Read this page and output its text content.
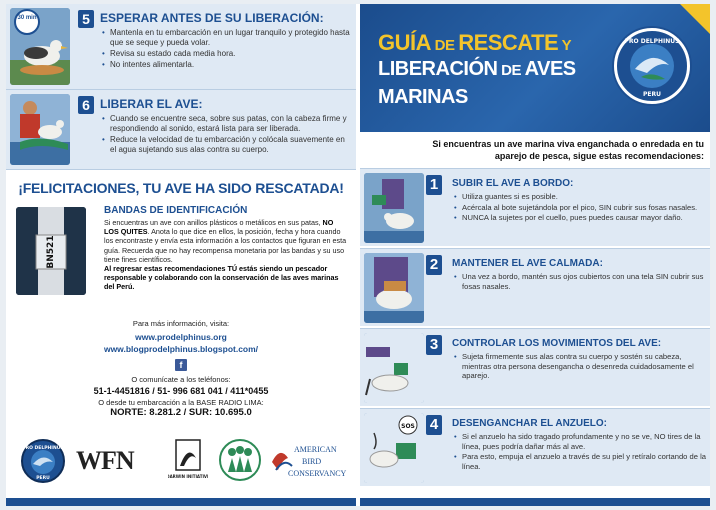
30 min	5 ESPERAR ANTES DE SU LIBERACIÓN:
• Mantenla en tu embarcación en un lugar tranquilo y protegido hasta que se seque y pueda volar.
• Revisa su estado cada media hora.
• No intentes alimentarla.
6 LIBERAR EL AVE:
• Cuando se encuentre seca, sobre sus patas, con la cabeza firme y respondiendo al sonido, estará lista para ser liberada.
• Reduce la velocidad de tu embarcación y colócala suavemente en el agua sujetando sus alas contra su cuerpo.
¡FELICITACIONES, TU AVE HA SIDO RESCATADA!
BN521
BANDAS DE IDENTIFICACIÓN
Si encuentras un ave con anillos plásticos o metálicos en sus patas, NO LOS QUITES. Anota lo que dice en ellos, la posición, fecha y hora cuando los encontraste y envía esta información a los contactos que figuran en esta guía. Recuerda que no hay recompensa monetaria por las bandas y su uso tiene fines científicos.
Al regresar estas recomendaciones TÚ estás siendo un pescador responsable y colaborando con la conservación de las aves marinas del Perú.
Para más información, visita:
www.prodelphinus.org
www.blogprodelphinus.blogspot.com/
f
O comunícate a los teléfonos:
51-1-4451816 / 51- 996 681 041 / 411*0455
O desde tu embarcación a la BASE RADIO LIMA:
NORTE: 8.281.2 / SUR: 10.695.0
PRO DELPHINUS
PERU
WFN
DARWIN INITIATIVE
AMERICAN
BIRD
CONSERVANCY
GUÍA DE RESCATE Y
LIBERACIÓN DE AVES
MARINAS
PRO DELPHINUS
PERU
Si encuentras un ave marina viva enganchada o enredada en tu aparejo de pesca, sigue estas recomendaciones:
1	SUBIR EL AVE A BORDO:
• Utiliza guantes si es posible.
• Acércala al bote sujetándola por el pico, SIN cubrir sus fosas nasales.
• NUNCA la sujetes por el cuello, pues puedes causar mayor daño.
2	MANTENER EL AVE CALMADA:
• Una vez a bordo, mantén sus ojos cubiertos con una tela SIN cubrir sus fosas nasales.
3	CONTROLAR LOS MOVIMIENTOS DEL AVE:
• Sujeta firmemente sus alas contra su cuerpo y sostén su cabeza, mientras otra persona desengancha o desenreda cuidadosamente el aparejo.
SOS 4	DESENGANCHAR EL ANZUELO:
• Si el anzuelo ha sido tragado profundamente y no se ve, NO tires de la línea, pues podría dañar más al ave.
• Para esto, empuja el anzuelo a través de su piel y retíralo cortando de la línea.
